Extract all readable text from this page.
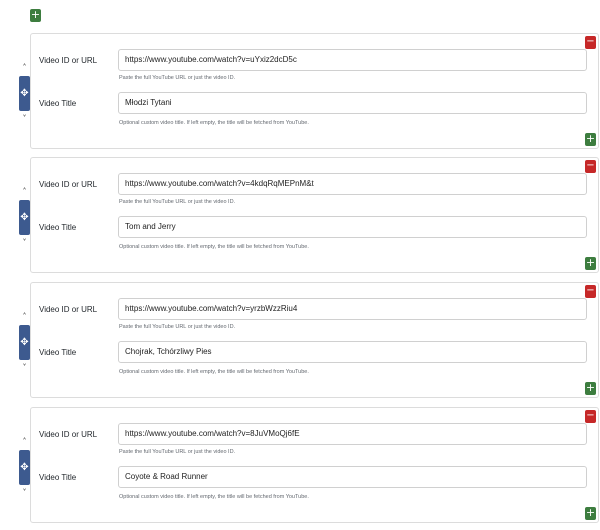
+
˄
✥
˅
−
Video ID or URL	https://www.youtube.com/watch?v=uYxiz2dcD5c
Paste the full YouTube URL or just the video ID.
Video Title	Młodzi Tytani
Optional custom video title. If left empty, the title will be fetched from YouTube.
+
˄
✥
˅
−
Video ID or URL	https://www.youtube.com/watch?v=4kdqRqMEPnM&t
Paste the full YouTube URL or just the video ID.
Video Title	Tom and Jerry
Optional custom video title. If left empty, the title will be fetched from YouTube.
+
˄
✥
˅
−
Video ID or URL	https://www.youtube.com/watch?v=yrzbWzzRiu4
Paste the full YouTube URL or just the video ID.
Video Title	Chojrak, Tchórzliwy Pies
Optional custom video title. If left empty, the title will be fetched from YouTube.
+
˄
✥
˅
−
Video ID or URL	https://www.youtube.com/watch?v=8JuVMoQj6fE
Paste the full YouTube URL or just the video ID.
Video Title	Coyote & Road Runner
Optional custom video title. If left empty, the title will be fetched from YouTube.
+
